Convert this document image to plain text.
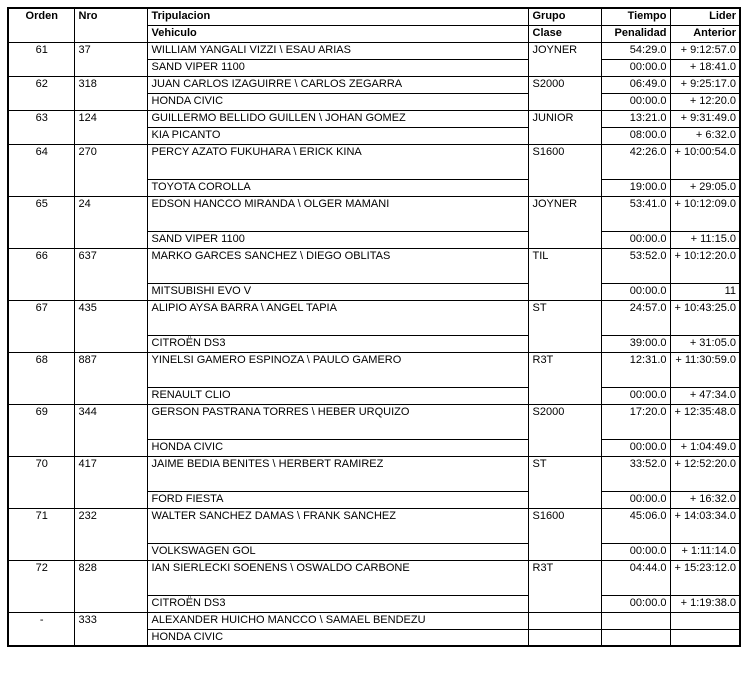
Orden	Nro	Tripulacion	Grupo	Tiempo	Lider
		Vehiculo	Clase	Penalidad	Anterior
61	37	WILLIAM YANGALI VIZZI \ ESAU ARIAS	JOYNER	54:29.0	+ 9:12:57.0
		SAND VIPER 1100		00:00.0	+ 18:41.0
62	318	JUAN CARLOS IZAGUIRRE \ CARLOS ZEGARRA	S2000	06:49.0	+ 9:25:17.0
		HONDA CIVIC		00:00.0	+ 12:20.0
63	124	GUILLERMO BELLIDO GUILLEN \ JOHAN GOMEZ	JUNIOR	13:21.0	+ 9:31:49.0
		KIA PICANTO		08:00.0	+ 6:32.0
64	270	PERCY AZATO FUKUHARA \ ERICK KINA	S1600	42:26.0	+ 10:00:54.0
		TOYOTA COROLLA		19:00.0	+ 29:05.0
65	24	EDSON HANCCO MIRANDA \ OLGER MAMANI	JOYNER	53:41.0	+ 10:12:09.0
		SAND VIPER 1100		00:00.0	+ 11:15.0
66	637	MARKO GARCES SANCHEZ \ DIEGO OBLITAS	TIL	53:52.0	+ 10:12:20.0
		MITSUBISHI EVO V		00:00.0	11
67	435	ALIPIO AYSA BARRA \ ANGEL TAPIA	ST	24:57.0	+ 10:43:25.0
		CITROËN DS3		39:00.0	+ 31:05.0
68	887	YINELSI GAMERO ESPINOZA \ PAULO GAMERO	R3T	12:31.0	+ 11:30:59.0
		RENAULT CLIO		00:00.0	+ 47:34.0
69	344	GERSON PASTRANA TORRES \ HEBER URQUIZO	S2000	17:20.0	+ 12:35:48.0
		HONDA CIVIC		00:00.0	+ 1:04:49.0
70	417	JAIME BEDIA BENITES \ HERBERT RAMIREZ	ST	33:52.0	+ 12:52:20.0
		FORD FIESTA		00:00.0	+ 16:32.0
71	232	WALTER SANCHEZ DAMAS \ FRANK SANCHEZ	S1600	45:06.0	+ 14:03:34.0
		VOLKSWAGEN GOL		00:00.0	+ 1:11:14.0
72	828	IAN SIERLECKI SOENENS \ OSWALDO CARBONE	R3T	04:44.0	+ 15:23:12.0
		CITROËN DS3		00:00.0	+ 1:19:38.0
-	333	ALEXANDER HUICHO MANCCO \ SAMAEL BENDEZU			
		HONDA CIVIC			
